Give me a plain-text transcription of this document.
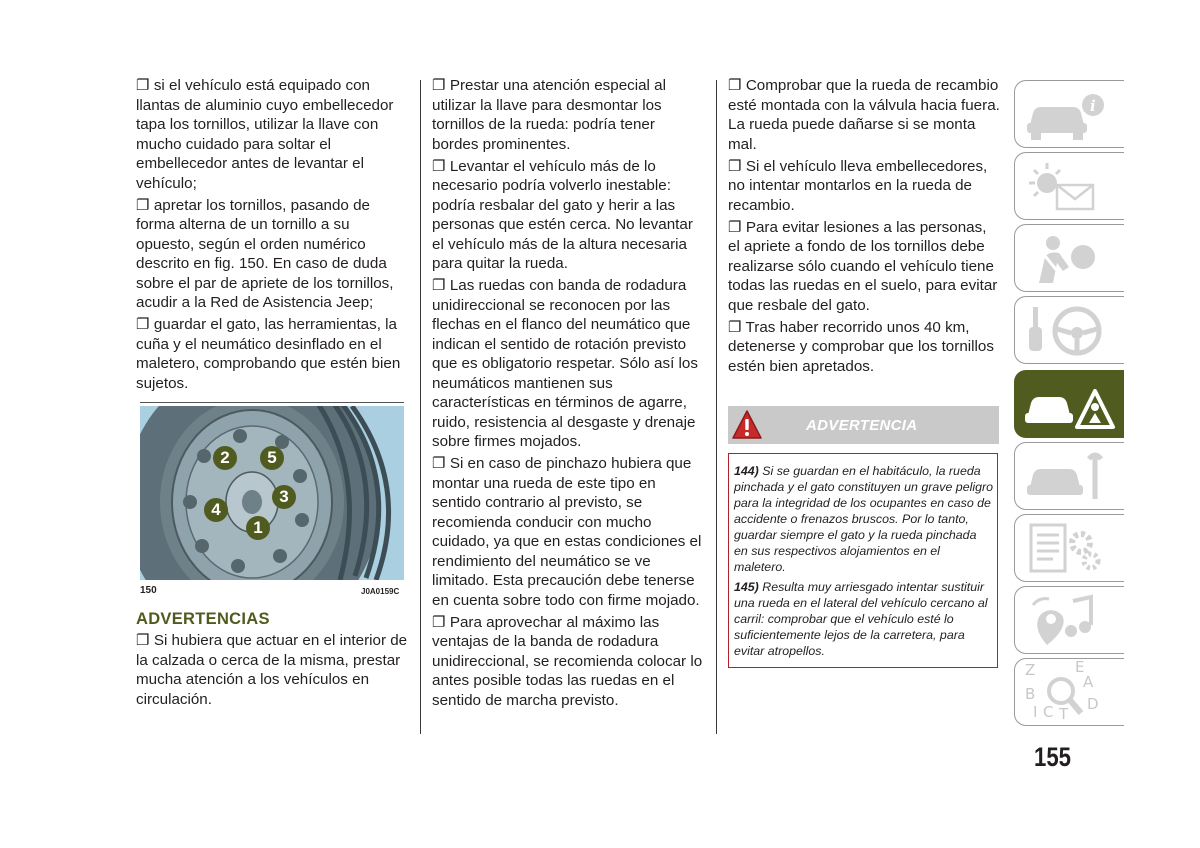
❐ si el vehículo está equipado con llantas de aluminio cuyo embellecedor tapa los tornillos, utilizar la llave con mucho cuidado para soltar el embellecedor antes de levantar el vehículo;

❐ apretar los tornillos, pasando de forma alterna de un tornillo a su opuesto, según el orden numérico descrito en fig. 150. En caso de duda sobre el par de apriete de los tornillos, acudir a la Red de Asistencia Jeep;

❐ guardar el gato, las herramientas, la cuña y el neumático desinflado en el maletero, comprobando que estén bien sujetos.

1
2
3
4
5
150	J0A0159C
ADVERTENCIAS
❐ Si hubiera que actuar en el interior de la calzada o cerca de la misma, prestar mucha atención a los vehículos en circulación.

❐ Prestar una atención especial al utilizar la llave para desmontar los tornillos de la rueda: podría tener bordes prominentes.

❐ Levantar el vehículo más de lo necesario podría volverlo inestable: podría resbalar del gato y herir a las personas que estén cerca. No levantar el vehículo más de la altura necesaria para quitar la rueda.

❐ Las ruedas con banda de rodadura unidireccional se reconocen por las flechas en el flanco del neumático que indican el sentido de rotación previsto que es obligatorio respetar. Sólo así los neumáticos mantienen sus características en términos de agarre, ruido, resistencia al desgaste y drenaje sobre firmes mojados.

❐ Si en caso de pinchazo hubiera que montar una rueda de este tipo en sentido contrario al previsto, se recomienda conducir con mucho cuidado, ya que en estas condiciones el rendimiento del neumático se ve limitado. Esta precaución debe tenerse en cuenta sobre todo con firme mojado.

❐ Para aprovechar al máximo las ventajas de la banda de rodadura unidireccional, se recomienda colocar lo antes posible todas las ruedas en el sentido de marcha previsto.

❐ Comprobar que la rueda de recambio esté montada con la válvula hacia fuera. La rueda puede dañarse si se monta mal.

❐ Si el vehículo lleva embellecedores, no intentar montarlos en la rueda de recambio.

❐ Para evitar lesiones a las personas, el apriete a fondo de los tornillos debe realizarse sólo cuando el vehículo tiene todas las ruedas en el suelo, para evitar que resbale del gato.

❐ Tras haber recorrido unos 40 km, detenerse y comprobar que los tornillos estén bien apretados.

ADVERTENCIA

144) Si se guardan en el habitáculo, la rueda pinchada y el gato constituyen un grave peligro para la integridad de los ocupantes en caso de accidente o frenazos bruscos. Por lo tanto, guardar siempre el gato y la rueda pinchada en sus respectivos alojamientos en el maletero.

145) Resulta muy arriesgado intentar sustituir una rueda en el lateral del vehículo cercano al carril: comprobar que el vehículo esté lo suficientemente lejos de la carretera, para evitar atropellos.

i
Z	E
B
A
C T
D
I
155
